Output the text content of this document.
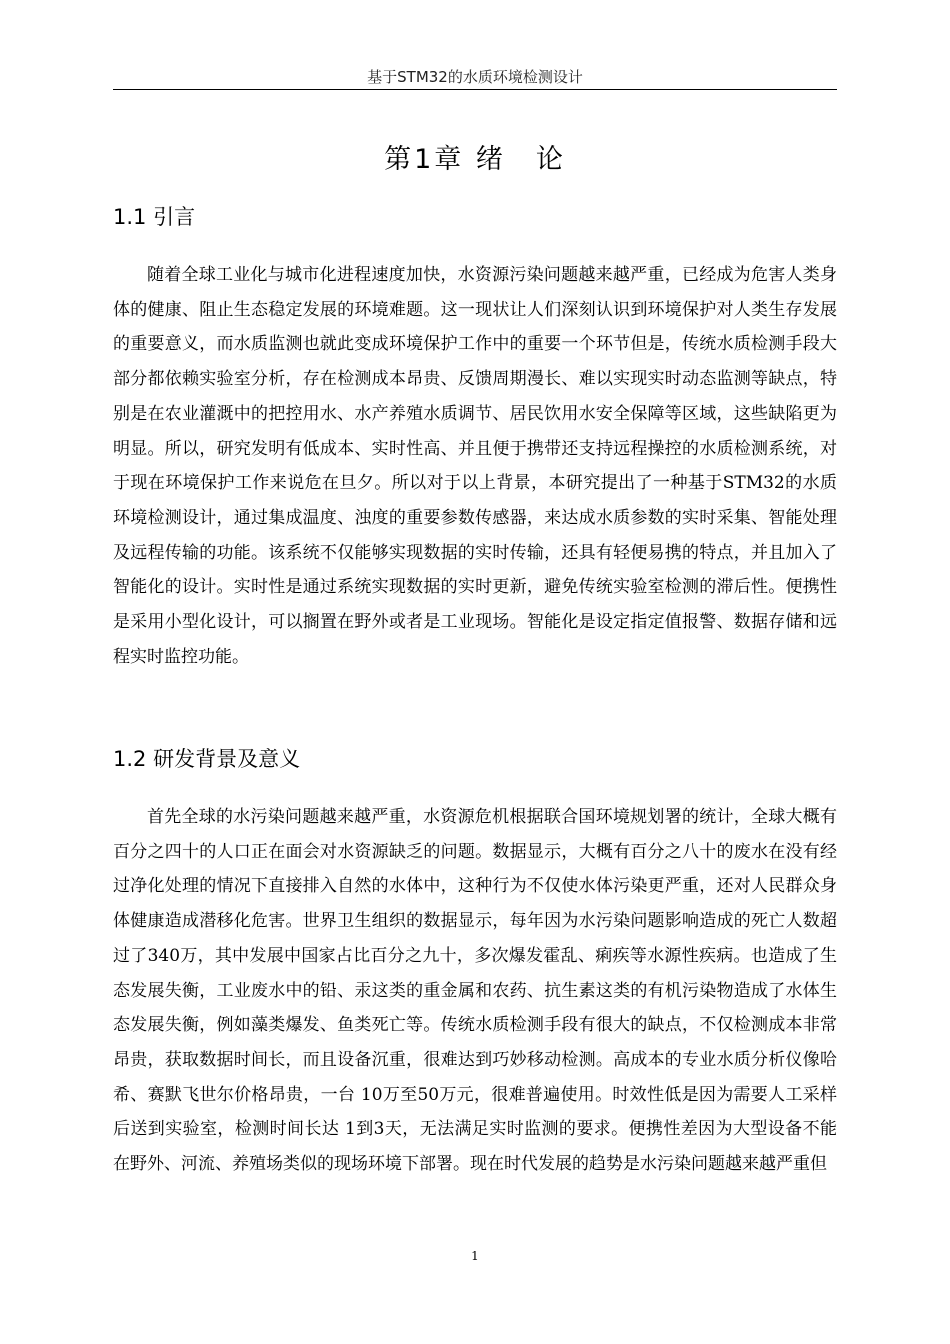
基于STM32的水质环境检测设计
第1章 绪　论
1.1 引言

随着全球工业化与城市化进程速度加快，水资源污染问题越来越严重，已经成为危害人类身体的健康、阻止生态稳定发展的环境难题。这一现状让人们深刻认识到环境保护对人类生存发展的重要意义，而水质监测也就此变成环境保护工作中的重要一个环节但是，传统水质检测手段大部分都依赖实验室分析，存在检测成本昂贵、反馈周期漫长、难以实现实时动态监测等缺点，特别是在农业灌溉中的把控用水、水产养殖水质调节、居民饮用水安全保障等区域，这些缺陷更为明显。所以，研究发明有低成本、实时性高、并且便于携带还支持远程操控的水质检测系统，对于现在环境保护工作来说危在旦夕。所以对于以上背景，本研究提出了一种基于STM32的水质环境检测设计，通过集成温度、浊度的重要参数传感器，来达成水质参数的实时采集、智能处理及远程传输的功能。该系统不仅能够实现数据的实时传输，还具有轻便易携的特点，并且加入了智能化的设计。实时性是通过系统实现数据的实时更新，避免传统实验室检测的滞后性。便携性是采用小型化设计，可以搁置在野外或者是工业现场。智能化是设定指定值报警、数据存储和远程实时监控功能。

1.2 研发背景及意义

首先全球的水污染问题越来越严重，水资源危机根据联合国环境规划署的统计，全球大概有百分之四十的人口正在面会对水资源缺乏的问题。数据显示，大概有百分之八十的废水在没有经过净化处理的情况下直接排入自然的水体中，这种行为不仅使水体污染更严重，还对人民群众身体健康造成潜移化危害。世界卫生组织的数据显示，每年因为水污染问题影响造成的死亡人数超过了340万，其中发展中国家占比百分之九十，多次爆发霍乱、痢疾等水源性疾病。也造成了生态发展失衡，工业废水中的铅、汞这类的重金属和农药、抗生素这类的有机污染物造成了水体生态发展失衡，例如藻类爆发、鱼类死亡等。传统水质检测手段有很大的缺点，不仅检测成本非常昂贵，获取数据时间长，而且设备沉重，很难达到巧妙移动检测。高成本的专业水质分析仪像哈希、赛默飞世尔价格昂贵，一台 10万至50万元，很难普遍使用。时效性低是因为需要人工采样后送到实验室，检测时间长达 1到3天，无法满足实时监测的要求。便携性差因为大型设备不能在野外、河流、养殖场类似的现场环境下部署。现在时代发展的趋势是水污染问题越来越严重但

1
